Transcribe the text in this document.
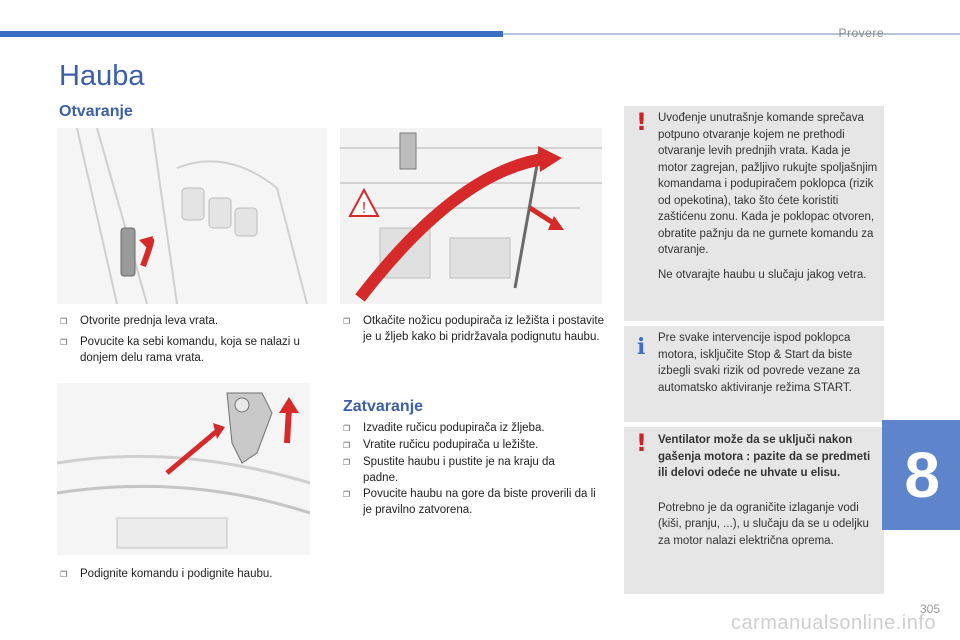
Provere
Hauba
Otvaranje
!
❐	Otvorite prednja leva vrata.
❐	Povucite ka sebi komandu, koja se nalazi u donjem delu rama vrata.
❐	Podignite komandu i podignite haubu.
❐	Otkačite nožicu podupirača iz ležišta i postavite je u žljeb kako bi pridržavala podignutu haubu.
Zatvaranje
❐	Izvadite ručicu podupirača iz žljeba.
❐	Vratite ručicu podupirača u ležište.
❐	Spustite haubu i pustite je na kraju da padne.
❐	Povucite haubu na gore da biste proverili da li je pravilno zatvorena.
! Uvođenje unutrašnje komande sprečava potpuno otvaranje kojem ne prethodi otvaranje levih prednjih vrata. Kada je motor zagrejan, pažljivo rukujte spoljašnjim komandama i podupiračem poklopca (rizik od opekotina), tako što ćete koristiti zaštićenu zonu. Kada je poklopac otvoren, obratite pažnju da ne gurnete komandu za otvaranje.

Ne otvarajte haubu u slučaju jakog vetra.

i Pre svake intervencije ispod poklopca motora, isključite Stop & Start da biste izbegli svaki rizik od povrede vezane za automatsko aktiviranje režima START.

! Ventilator može da se uključi nakon gašenja motora : pazite da se predmeti ili delovi odeće ne uhvate u elisu.

Potrebno je da ograničite izlaganje vodi (kiši, pranju, ...), u slučaju da se u odeljku za motor nalazi električna oprema.

8
carmanualsonline.info
305
